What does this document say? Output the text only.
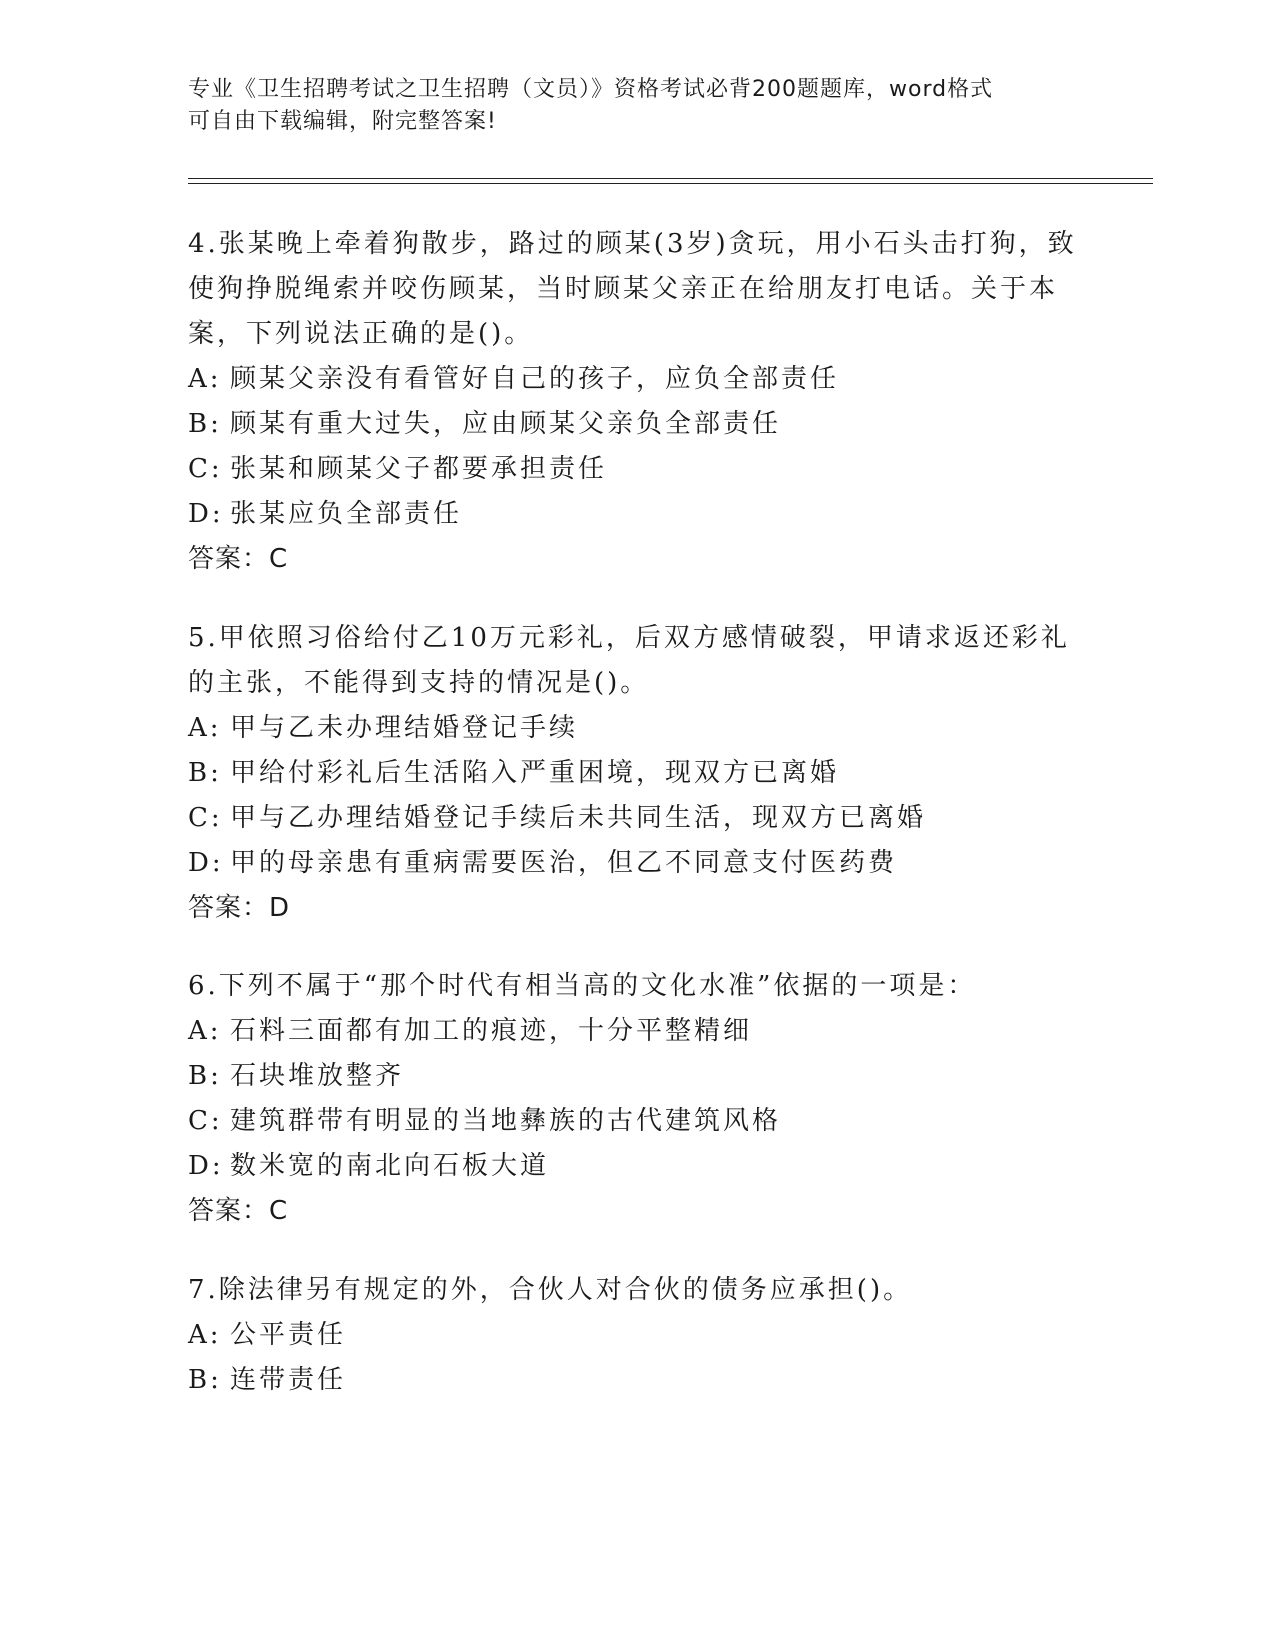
专业《卫生招聘考试之卫生招聘（文员）》资格考试必背200题题库，word格式
可自由下载编辑，附完整答案!

4.张某晚上牵着狗散步，路过的顾某(3岁)贪玩，用小石头击打狗，致

使狗挣脱绳索并咬伤顾某，当时顾某父亲正在给朋友打电话。关于本

案，下列说法正确的是()。

A: 顾某父亲没有看管好自己的孩子，应负全部责任

B: 顾某有重大过失，应由顾某父亲负全部责任

C: 张某和顾某父子都要承担责任

D: 张某应负全部责任

答案：C

5.甲依照习俗给付乙10万元彩礼，后双方感情破裂，甲请求返还彩礼

的主张，不能得到支持的情况是()。

A: 甲与乙未办理结婚登记手续

B: 甲给付彩礼后生活陷入严重困境，现双方已离婚

C: 甲与乙办理结婚登记手续后未共同生活，现双方已离婚

D: 甲的母亲患有重病需要医治，但乙不同意支付医药费

答案：D

6.下列不属于“那个时代有相当高的文化水准”依据的一项是：

A: 石料三面都有加工的痕迹，十分平整精细

B: 石块堆放整齐

C: 建筑群带有明显的当地彝族的古代建筑风格

D: 数米宽的南北向石板大道

答案：C

7.除法律另有规定的外，合伙人对合伙的债务应承担()。

A: 公平责任

B: 连带责任
